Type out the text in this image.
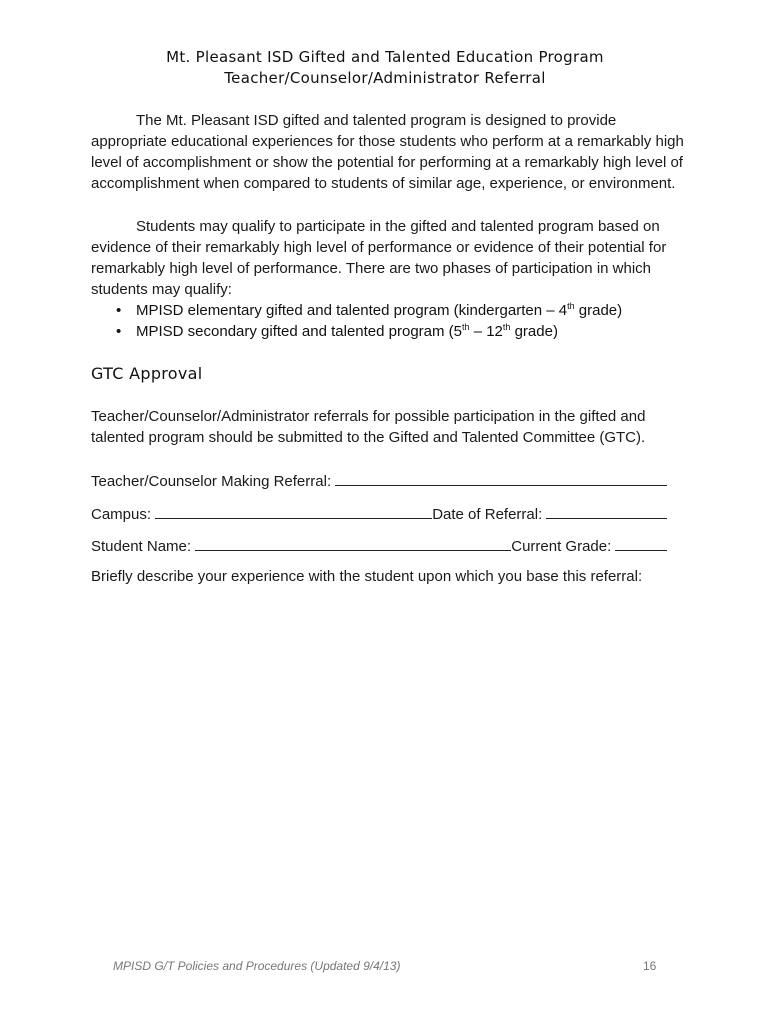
Mt. Pleasant ISD Gifted and Talented Education Program
Teacher/Counselor/Administrator Referral
The Mt. Pleasant ISD gifted and talented program is designed to provide appropriate educational experiences for those students who perform at a remarkably high level of accomplishment or show the potential for performing at a remarkably high level of accomplishment when compared to students of similar age, experience, or environment.
Students may qualify to participate in the gifted and talented program based on evidence of their remarkably high level of performance or evidence of their potential for remarkably high level of performance. There are two phases of participation in which students may qualify:
• MPISD elementary gifted and talented program (kindergarten – 4th grade)
• MPISD secondary gifted and talented program (5th – 12th grade)
GTC Approval
Teacher/Counselor/Administrator referrals for possible participation in the gifted and talented program should be submitted to the Gifted and Talented Committee (GTC).
Teacher/Counselor Making Referral:
Campus:	Date of Referral:
Student Name:	Current Grade:
Briefly describe your experience with the student upon which you base this referral:
MPISD G/T Policies and Procedures (Updated 9/4/13)	16
